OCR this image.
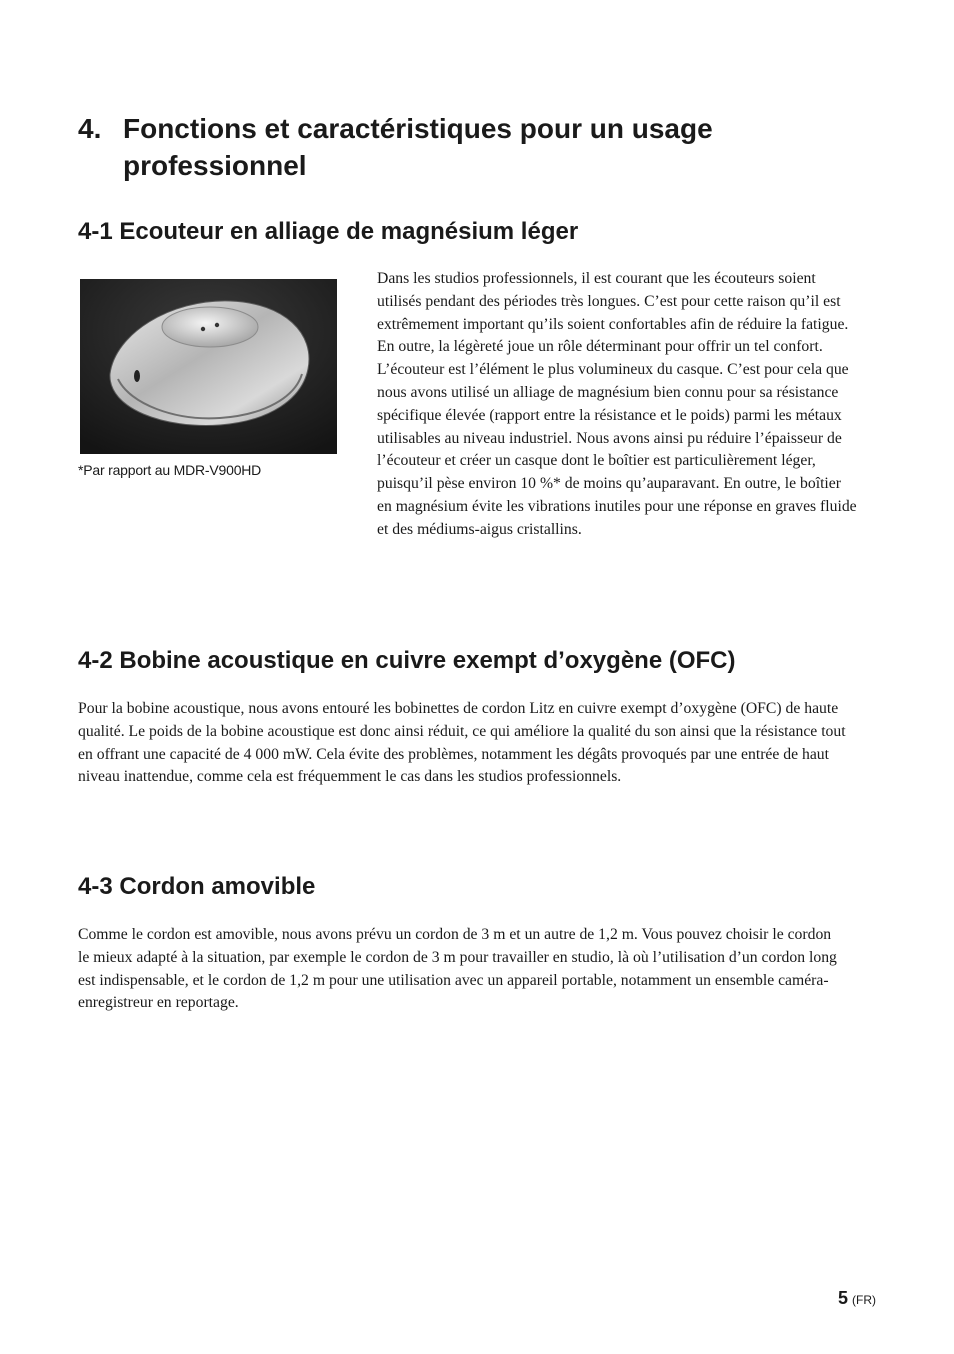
4. Fonctions et caractéristiques pour un usage professionnel
4-1 Ecouteur en alliage de magnésium léger

*Par rapport au MDR-V900HD

Dans les studios professionnels, il est courant que les écouteurs soient utilisés pendant des périodes très longues. C’est pour cette raison qu’il est extrêmement important qu’ils soient confortables afin de réduire la fatigue. En outre, la légèreté joue un rôle déterminant pour offrir un tel confort.
L’écouteur est l’élément le plus volumineux du casque. C’est pour cela que nous avons utilisé un alliage de magnésium bien connu pour sa résistance spécifique élevée (rapport entre la résistance et le poids) parmi les métaux utilisables au niveau industriel. Nous avons ainsi pu réduire l’épaisseur de l’écouteur et créer un casque dont le boîtier est particulièrement léger, puisqu’il pèse environ 10 %* de moins qu’auparavant. En outre, le boîtier en magnésium évite les vibrations inutiles pour une réponse en graves fluide et des médiums-aigus cristallins.
4-2 Bobine acoustique en cuivre exempt d’oxygène (OFC)
Pour la bobine acoustique, nous avons entouré les bobinettes de cordon Litz en cuivre exempt d’oxygène (OFC) de haute qualité. Le poids de la bobine acoustique est donc ainsi réduit, ce qui améliore la qualité du son ainsi que la résistance tout en offrant une capacité de 4 000 mW. Cela évite des problèmes, notamment les dégâts provoqués par une entrée de haut niveau inattendue, comme cela est fréquemment le cas dans les studios professionnels.
4-3 Cordon amovible
Comme le cordon est amovible, nous avons prévu un cordon de 3 m et un autre de 1,2 m. Vous pouvez choisir le cordon le mieux adapté à la situation, par exemple le cordon de 3 m pour travailler en studio, là où l’utilisation d’un cordon long est indispensable, et le cordon de 1,2 m pour une utilisation avec un appareil portable, notamment un ensemble caméra-enregistreur en reportage.
5 (FR)
